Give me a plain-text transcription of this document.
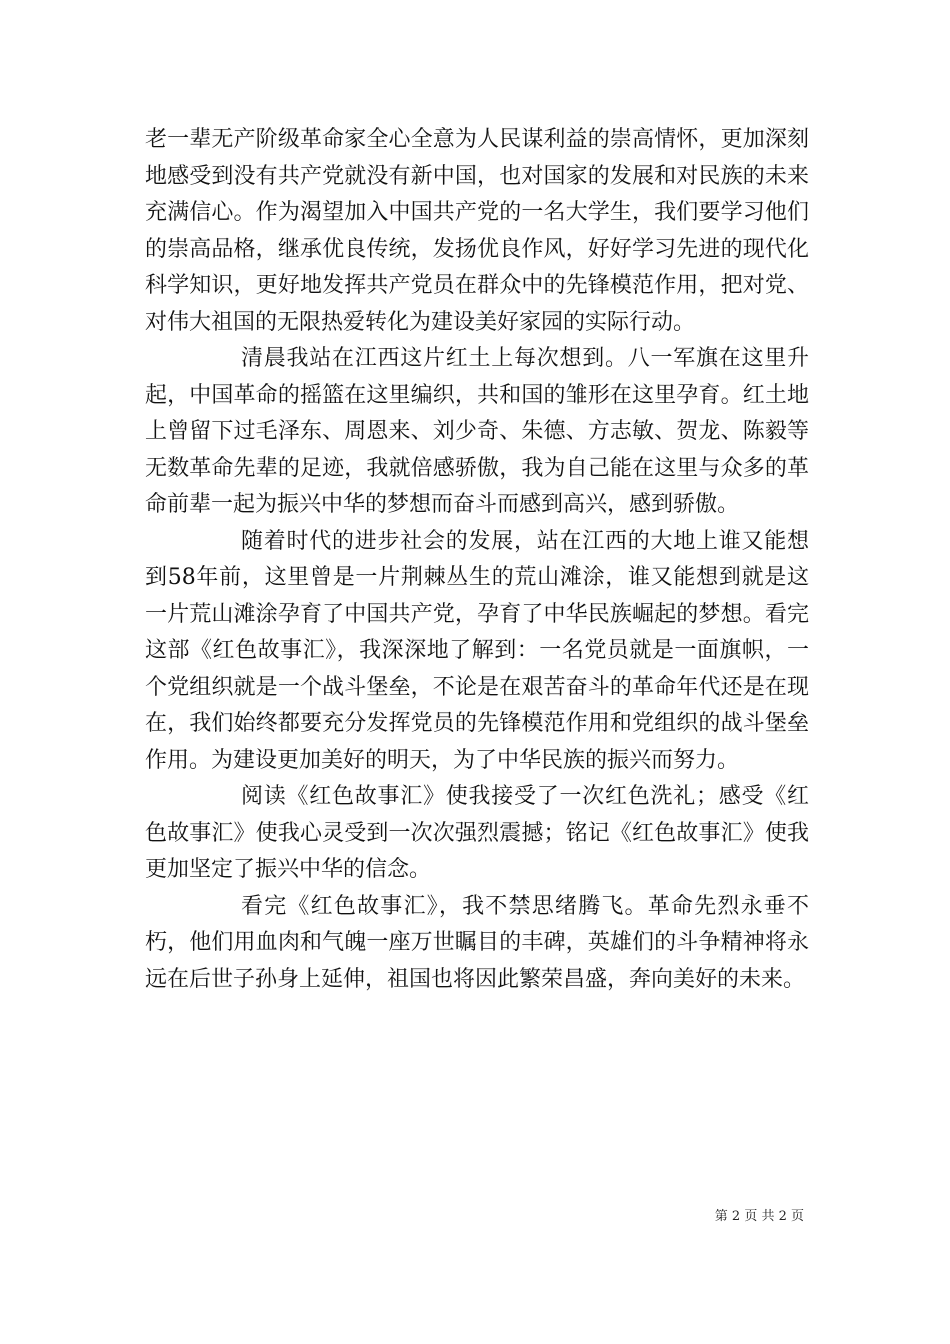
老一辈无产阶级革命家全心全意为人民谋利益的崇高情怀，更加深刻地感受到没有共产党就没有新中国，也对国家的发展和对民族的未来充满信心。作为渴望加入中国共产党的一名大学生，我们要学习他们的崇高品格，继承优良传统，发扬优良作风，好好学习先进的现代化科学知识，更好地发挥共产党员在群众中的先锋模范作用，把对党、对伟大祖国的无限热爱转化为建设美好家园的实际行动。

清晨我站在江西这片红土上每次想到。八一军旗在这里升起，中国革命的摇篮在这里编织，共和国的雏形在这里孕育。红土地上曾留下过毛泽东、周恩来、刘少奇、朱德、方志敏、贺龙、陈毅等无数革命先辈的足迹，我就倍感骄傲，我为自己能在这里与众多的革命前辈一起为振兴中华的梦想而奋斗而感到高兴，感到骄傲。

随着时代的进步社会的发展，站在江西的大地上谁又能想到58年前，这里曾是一片荆棘丛生的荒山滩涂，谁又能想到就是这一片荒山滩涂孕育了中国共产党，孕育了中华民族崛起的梦想。看完这部《红色故事汇》，我深深地了解到：一名党员就是一面旗帜，一个党组织就是一个战斗堡垒，不论是在艰苦奋斗的革命年代还是在现在，我们始终都要充分发挥党员的先锋模范作用和党组织的战斗堡垒作用。为建设更加美好的明天，为了中华民族的振兴而努力。

阅读《红色故事汇》使我接受了一次红色洗礼；感受《红色故事汇》使我心灵受到一次次强烈震撼；铭记《红色故事汇》使我更加坚定了振兴中华的信念。

看完《红色故事汇》，我不禁思绪腾飞。革命先烈永垂不朽，他们用血肉和气魄一座万世瞩目的丰碑，英雄们的斗争精神将永远在后世子孙身上延伸，祖国也将因此繁荣昌盛，奔向美好的未来。

第 2 页 共 2 页
